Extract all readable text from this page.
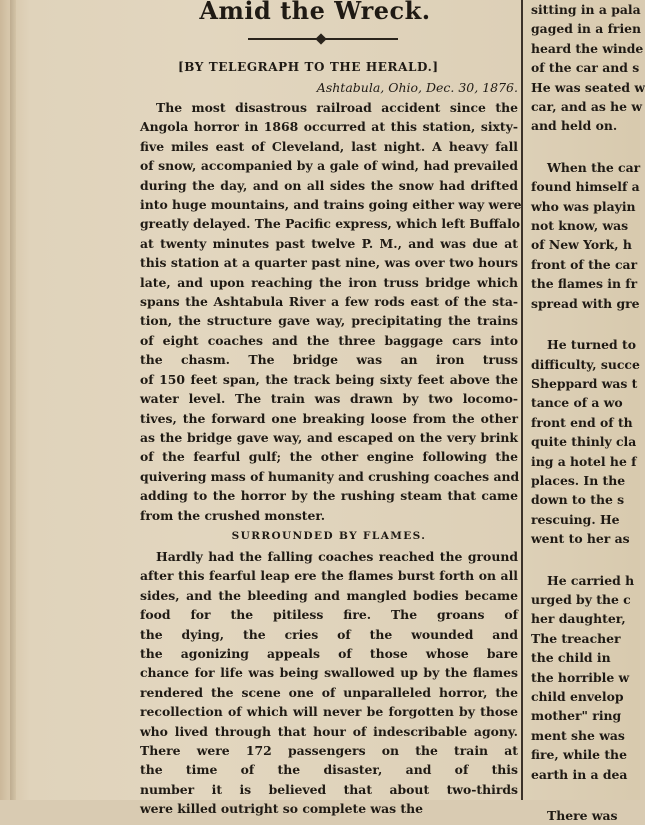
Amid the Wreck.
[BY TELEGRAPH TO THE HERALD.]
Ashtabula, Ohio, Dec. 30, 1876.
The most disastrous railroad accident since the
Angola horror in 1868 occurred at this station, sixty-
five miles east of Cleveland, last night. A heavy fall
of snow, accompanied by a gale of wind, had prevailed
during the day, and on all sides the snow had drifted
into huge mountains, and trains going either way were
greatly delayed. The Pacific express, which left Buffalo
at twenty minutes past twelve P. M., and was due at
this station at a quarter past nine, was over two hours
late, and upon reaching the iron truss bridge which
spans the Ashtabula River a few rods east of the sta-
tion, the structure gave way, precipitating the trains
of eight coaches and the three baggage cars into
the chasm. The bridge was an iron truss
of 150 feet span, the track being sixty feet above the
water level. The train was drawn by two locomo-
tives, the forward one breaking loose from the other
as the bridge gave way, and escaped on the very brink
of the fearful gulf; the other engine following the
quivering mass of humanity and crushing coaches and
adding to the horror by the rushing steam that came
from the crushed monster.
SURROUNDED BY FLAMES.
Hardly had the falling coaches reached the ground
after this fearful leap ere the flames burst forth on all
sides, and the bleeding and mangled bodies became
food for the pitiless fire. The groans of
the dying, the cries of the wounded and
the agonizing appeals of those whose bare
chance for life was being swallowed up by the flames
rendered the scene one of unparalleled horror, the
recollection of which will never be forgotten by those
who lived through that hour of indescribable agony.
There were 172 passengers on the train at
the time of the disaster, and of this
number it is believed that about two-thirds
were killed outright so complete was the
sitting in a pala
gaged in a frien
heard the winde
of the car and s
He was seated w
car, and as he w
and held on.
When the car
found himself a
who was playin
not know, was
of New York, h
front of the car
the flames in fr
spread with gre
He turned to
difficulty, succe
Sheppard was t
tance of a wo
front end of th
quite thinly cla
ing a hotel he f
places. In the
down to the s
rescuing. He
went to her as
He carried h
urged by the c
her daughter,
The treacher
the child in
the horrible w
child envelop
mother" ring
ment she was
fire, while the
earth in a dea
There was
